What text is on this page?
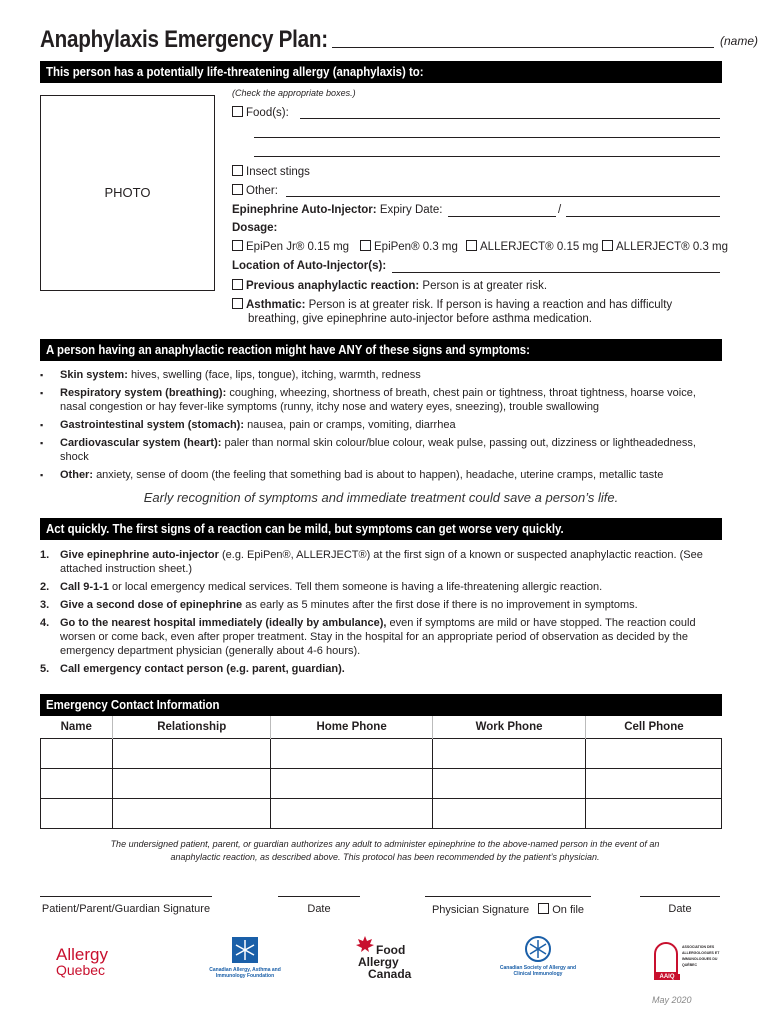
Anaphylaxis Emergency Plan:	(name)
This person has a potentially life-threatening allergy (anaphylaxis) to:
PHOTO
(Check the appropriate boxes.)
Food(s):
Insect stings
Other:
Epinephrine Auto-Injector: Expiry Date:	/
Dosage:
EpiPen Jr® 0.15 mg	EpiPen® 0.3 mg	ALLERJECT® 0.15 mg	ALLERJECT® 0.3 mg
Location of Auto-Injector(s):
Previous anaphylactic reaction: Person is at greater risk.
Asthmatic: Person is at greater risk. If person is having a reaction and has difficulty
breathing, give epinephrine auto-injector before asthma medication.
A person having an anaphylactic reaction might have ANY of these signs and symptoms:
▪ Skin system: hives, swelling (face, lips, tongue), itching, warmth, redness
▪ Respiratory system (breathing): coughing, wheezing, shortness of breath, chest pain or tightness, throat tightness, hoarse voice, nasal congestion or hay fever-like symptoms (runny, itchy nose and watery eyes, sneezing), trouble swallowing
▪ Gastrointestinal system (stomach): nausea, pain or cramps, vomiting, diarrhea
▪ Cardiovascular system (heart): paler than normal skin colour/blue colour, weak pulse, passing out, dizziness or lightheadedness, shock
▪ Other: anxiety, sense of doom (the feeling that something bad is about to happen), headache, uterine cramps, metallic taste
Early recognition of symptoms and immediate treatment could save a person’s life.
Act quickly. The first signs of a reaction can be mild, but symptoms can get worse very quickly.
1. Give epinephrine auto-injector (e.g. EpiPen®, ALLERJECT®) at the first sign of a known or suspected anaphylactic reaction. (See attached instruction sheet.)
2. Call 9-1-1 or local emergency medical services. Tell them someone is having a life-threatening allergic reaction.
3. Give a second dose of epinephrine as early as 5 minutes after the first dose if there is no improvement in symptoms.
4. Go to the nearest hospital immediately (ideally by ambulance), even if symptoms are mild or have stopped. The reaction could worsen or come back, even after proper treatment. Stay in the hospital for an appropriate period of observation as decided by the emergency department physician (generally about 4-6 hours).
5. Call emergency contact person (e.g. parent, guardian).
Emergency Contact Information
Name	Relationship	Home Phone	Work Phone	Cell Phone

The undersigned patient, parent, or guardian authorizes any adult to administer epinephrine to the above-named person in the event of an anaphylactic reaction, as described above. This protocol has been recommended by the patient’s physician.
Patient/Parent/Guardian Signature	Date	Physician Signature On file	Date
Allergy
Quebec	Canadian Allergy, Asthma and Immunology Foundation
Food
Allergy
Canada	Canadian Society of Allergy and Clinical Immunology	AAIQ
ASSOCIATION DES ALLERGOLOGUES ET IMMUNOLOGUES DU QUÉBEC
May 2020
